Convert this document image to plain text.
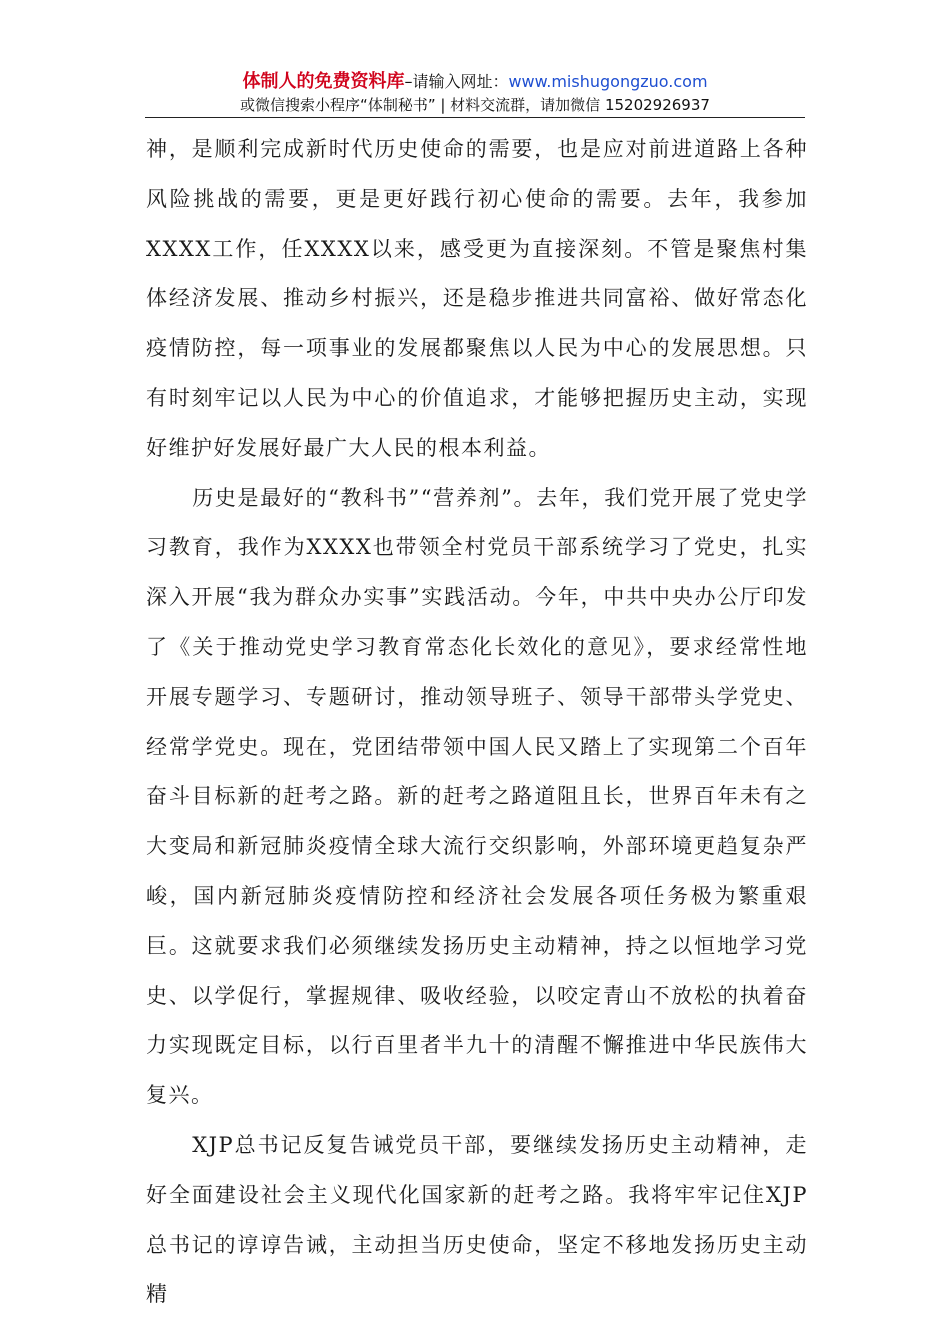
体制人的免费资料库–请输入网址：www.mishugongzuo.com
或微信搜索小程序“体制秘书” | 材料交流群，请加微信 15202926937

神，是顺利完成新时代历史使命的需要，也是应对前进道路上各种风险挑战的需要，更是更好践行初心使命的需要。去年，我参加XXXX工作，任XXXX以来，感受更为直接深刻。不管是聚焦村集体经济发展、推动乡村振兴，还是稳步推进共同富裕、做好常态化疫情防控，每一项事业的发展都聚焦以人民为中心的发展思想。只有时刻牢记以人民为中心的价值追求，才能够把握历史主动，实现好维护好发展好最广大人民的根本利益。

历史是最好的“教科书”“营养剂”。去年，我们党开展了党史学习教育，我作为XXXX也带领全村党员干部系统学习了党史，扎实深入开展“我为群众办实事”实践活动。今年，中共中央办公厅印发了《关于推动党史学习教育常态化长效化的意见》，要求经常性地开展专题学习、专题研讨，推动领导班子、领导干部带头学党史、经常学党史。现在，党团结带领中国人民又踏上了实现第二个百年奋斗目标新的赶考之路。新的赶考之路道阻且长，世界百年未有之大变局和新冠肺炎疫情全球大流行交织影响，外部环境更趋复杂严峻，国内新冠肺炎疫情防控和经济社会发展各项任务极为繁重艰巨。这就要求我们必须继续发扬历史主动精神，持之以恒地学习党史、以学促行，掌握规律、吸收经验，以咬定青山不放松的执着奋力实现既定目标，以行百里者半九十的清醒不懈推进中华民族伟大复兴。

XJP总书记反复告诫党员干部，要继续发扬历史主动精神，走好全面建设社会主义现代化国家新的赶考之路。我将牢牢记住XJP总书记的谆谆告诫，主动担当历史使命，坚定不移地发扬历史主动精
